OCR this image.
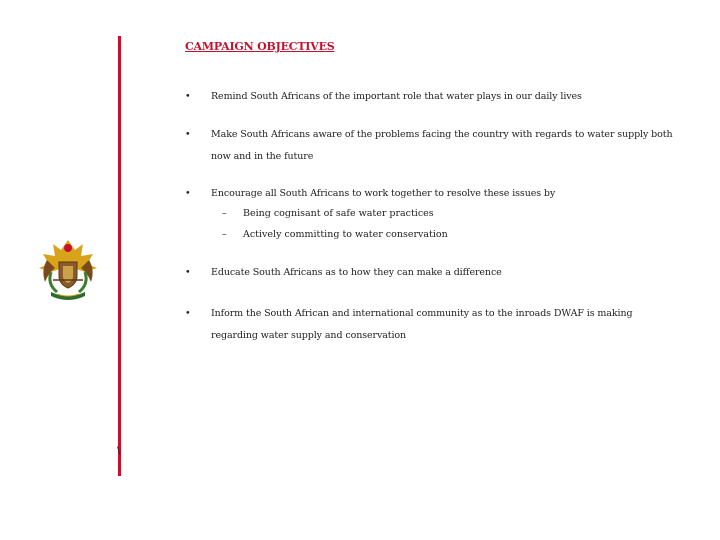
CAMPAIGN OBJECTIVES
\
•	Remind South Africans of the important role that water plays in our daily lives
•	Make South Africans aware of the problems facing the country with regards to water supply both now and in the future
•	Encourage all South Africans to work together to resolve these issues by
– Being cognisant of safe water practices
– Actively committing to water conservation
•	Educate South Africans as to how they can make a difference
•	Inform the South African and international community as to the inroads DWAF is making regarding water supply and conservation
